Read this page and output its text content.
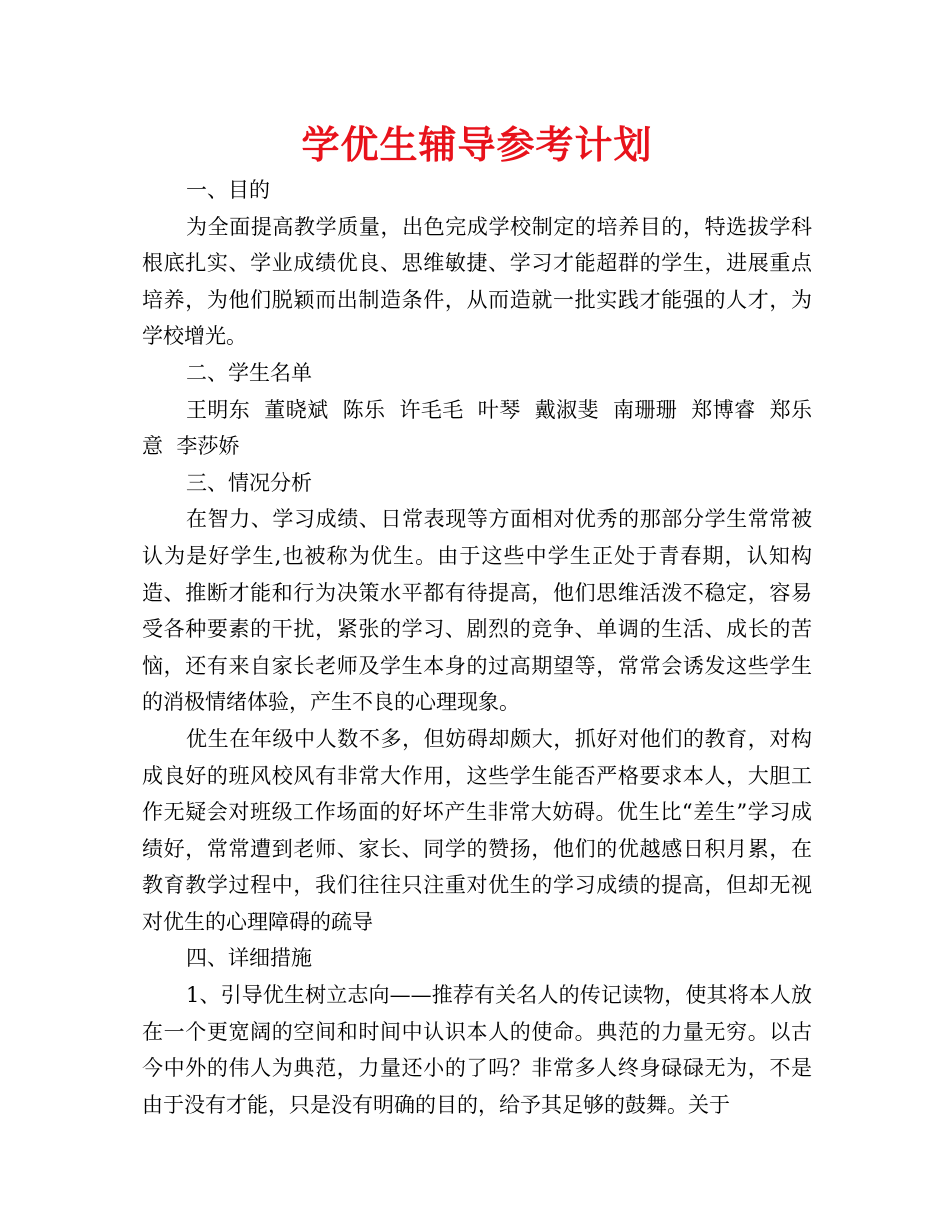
学优生辅导参考计划
一、目的

为全面提高教学质量，出色完成学校制定的培养目的，特选拔学科根底扎实、学业成绩优良、思维敏捷、学习才能超群的学生，进展重点培养，为他们脱颖而出制造条件，从而造就一批实践才能强的人才，为学校增光。

二、学生名单

王明东  董晓斌  陈乐  许毛毛  叶琴  戴淑斐  南珊珊  郑博睿  郑乐意  李莎娇

三、情况分析

在智力、学习成绩、日常表现等方面相对优秀的那部分学生常常被认为是好学生,也被称为优生。由于这些中学生正处于青春期，认知构造、推断才能和行为决策水平都有待提高，他们思维活泼不稳定，容易受各种要素的干扰，紧张的学习、剧烈的竞争、单调的生活、成长的苦恼，还有来自家长老师及学生本身的过高期望等，常常会诱发这些学生的消极情绪体验，产生不良的心理现象。

优生在年级中人数不多，但妨碍却颇大，抓好对他们的教育，对构成良好的班风校风有非常大作用，这些学生能否严格要求本人，大胆工作无疑会对班级工作场面的好坏产生非常大妨碍。优生比“差生”学习成绩好，常常遭到老师、家长、同学的赞扬，他们的优越感日积月累，在教育教学过程中，我们往往只注重对优生的学习成绩的提高，但却无视对优生的心理障碍的疏导

四、详细措施

1、引导优生树立志向——推荐有关名人的传记读物，使其将本人放在一个更宽阔的空间和时间中认识本人的使命。典范的力量无穷。以古今中外的伟人为典范，力量还小的了吗？非常多人终身碌碌无为，不是由于没有才能，只是没有明确的目的，给予其足够的鼓舞。关于
